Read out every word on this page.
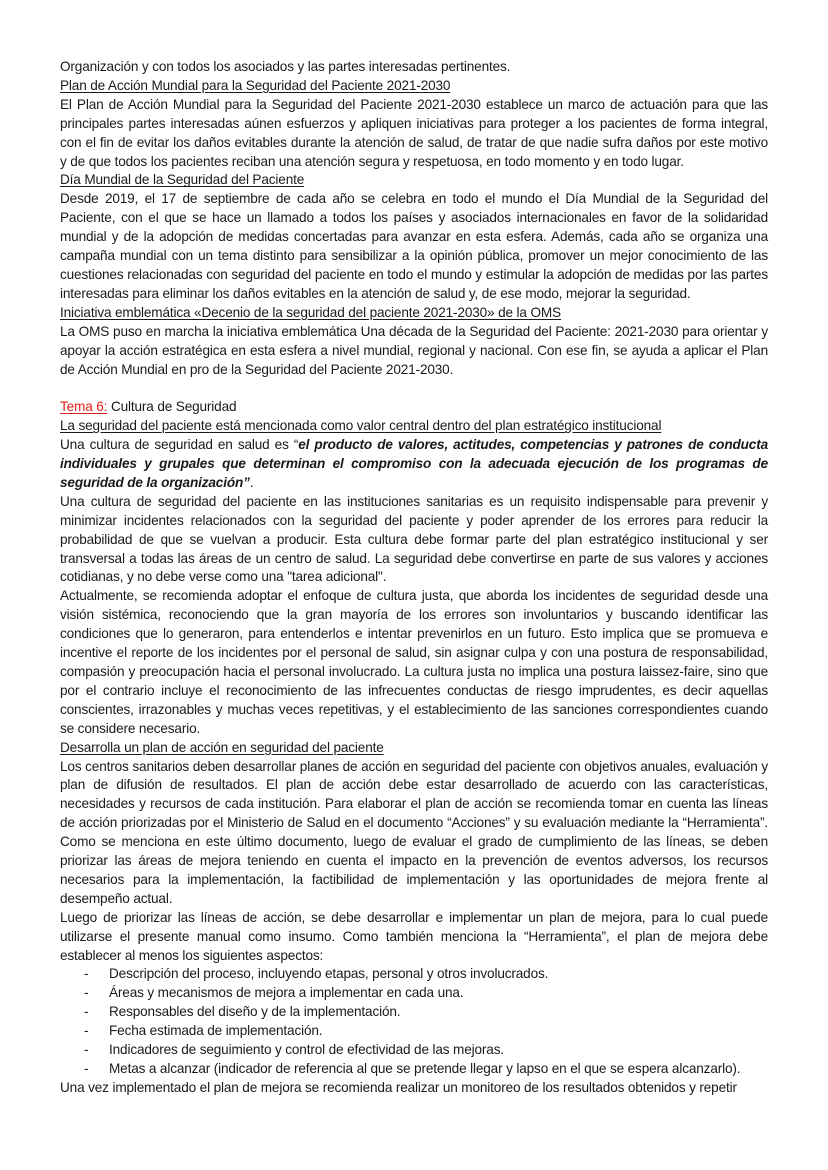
Organización y con todos los asociados y las partes interesadas pertinentes.

Plan de Acción Mundial para la Seguridad del Paciente 2021-2030

El Plan de Acción Mundial para la Seguridad del Paciente 2021-2030 establece un marco de actuación para que las principales partes interesadas aúnen esfuerzos y apliquen iniciativas para proteger a los pacientes de forma integral, con el fin de evitar los daños evitables durante la atención de salud, de tratar de que nadie sufra daños por este motivo y de que todos los pacientes reciban una atención segura y respetuosa, en todo momento y en todo lugar.

Día Mundial de la Seguridad del Paciente

Desde 2019, el 17 de septiembre de cada año se celebra en todo el mundo el Día Mundial de la Seguridad del Paciente, con el que se hace un llamado a todos los países y asociados internacionales en favor de la solidaridad mundial y de la adopción de medidas concertadas para avanzar en esta esfera. Además, cada año se organiza una campaña mundial con un tema distinto para sensibilizar a la opinión pública, promover un mejor conocimiento de las cuestiones relacionadas con seguridad del paciente en todo el mundo y estimular la adopción de medidas por las partes interesadas para eliminar los daños evitables en la atención de salud y, de ese modo, mejorar la seguridad.

Iniciativa emblemática «Decenio de la seguridad del paciente 2021-2030» de la OMS

La OMS puso en marcha la iniciativa emblemática Una década de la Seguridad del Paciente: 2021-2030 para orientar y apoyar la acción estratégica en esta esfera a nivel mundial, regional y nacional. Con ese fin, se ayuda a aplicar el Plan de Acción Mundial en pro de la Seguridad del Paciente 2021-2030.

Tema 6: Cultura de Seguridad
La seguridad del paciente está mencionada como valor central dentro del plan estratégico institucional

Una cultura de seguridad en salud es “el producto de valores, actitudes, competencias y patrones de conducta individuales y grupales que determinan el compromiso con la adecuada ejecución de los programas de seguridad de la organización”.

Una cultura de seguridad del paciente en las instituciones sanitarias es un requisito indispensable para prevenir y minimizar incidentes relacionados con la seguridad del paciente y poder aprender de los errores para reducir la probabilidad de que se vuelvan a producir. Esta cultura debe formar parte del plan estratégico institucional y ser transversal a todas las áreas de un centro de salud. La seguridad debe convertirse en parte de sus valores y acciones cotidianas, y no debe verse como una "tarea adicional".

Actualmente, se recomienda adoptar el enfoque de cultura justa, que aborda los incidentes de seguridad desde una visión sistémica, reconociendo que la gran mayoría de los errores son involuntarios y buscando identificar las condiciones que lo generaron, para entenderlos e intentar prevenirlos en un futuro. Esto implica que se promueva e incentive el reporte de los incidentes por el personal de salud, sin asignar culpa y con una postura de responsabilidad, compasión y preocupación hacia el personal involucrado. La cultura justa no implica una postura laissez-faire, sino que por el contrario incluye el reconocimiento de las infrecuentes conductas de riesgo imprudentes, es decir aquellas conscientes, irrazonables y muchas veces repetitivas, y el establecimiento de las sanciones correspondientes cuando se considere necesario.

Desarrolla un plan de acción en seguridad del paciente

Los centros sanitarios deben desarrollar planes de acción en seguridad del paciente con objetivos anuales, evaluación y plan de difusión de resultados. El plan de acción debe estar desarrollado de acuerdo con las características, necesidades y recursos de cada institución. Para elaborar el plan de acción se recomienda tomar en cuenta las líneas de acción priorizadas por el Ministerio de Salud en el documento “Acciones” y su evaluación mediante la “Herramienta”. Como se menciona en este último documento, luego de evaluar el grado de cumplimiento de las líneas, se deben priorizar las áreas de mejora teniendo en cuenta el impacto en la prevención de eventos adversos, los recursos necesarios para la implementación, la factibilidad de implementación y las oportunidades de mejora frente al desempeño actual.

Luego de priorizar las líneas de acción, se debe desarrollar e implementar un plan de mejora, para lo cual puede utilizarse el presente manual como insumo. Como también menciona la “Herramienta”, el plan de mejora debe establecer al menos los siguientes aspectos:

- Descripción del proceso, incluyendo etapas, personal y otros involucrados.
- Áreas y mecanismos de mejora a implementar en cada una.
- Responsables del diseño y de la implementación.
- Fecha estimada de implementación.
- Indicadores de seguimiento y control de efectividad de las mejoras.
- Metas a alcanzar (indicador de referencia al que se pretende llegar y lapso en el que se espera alcanzarlo).

Una vez implementado el plan de mejora se recomienda realizar un monitoreo de los resultados obtenidos y repetir
